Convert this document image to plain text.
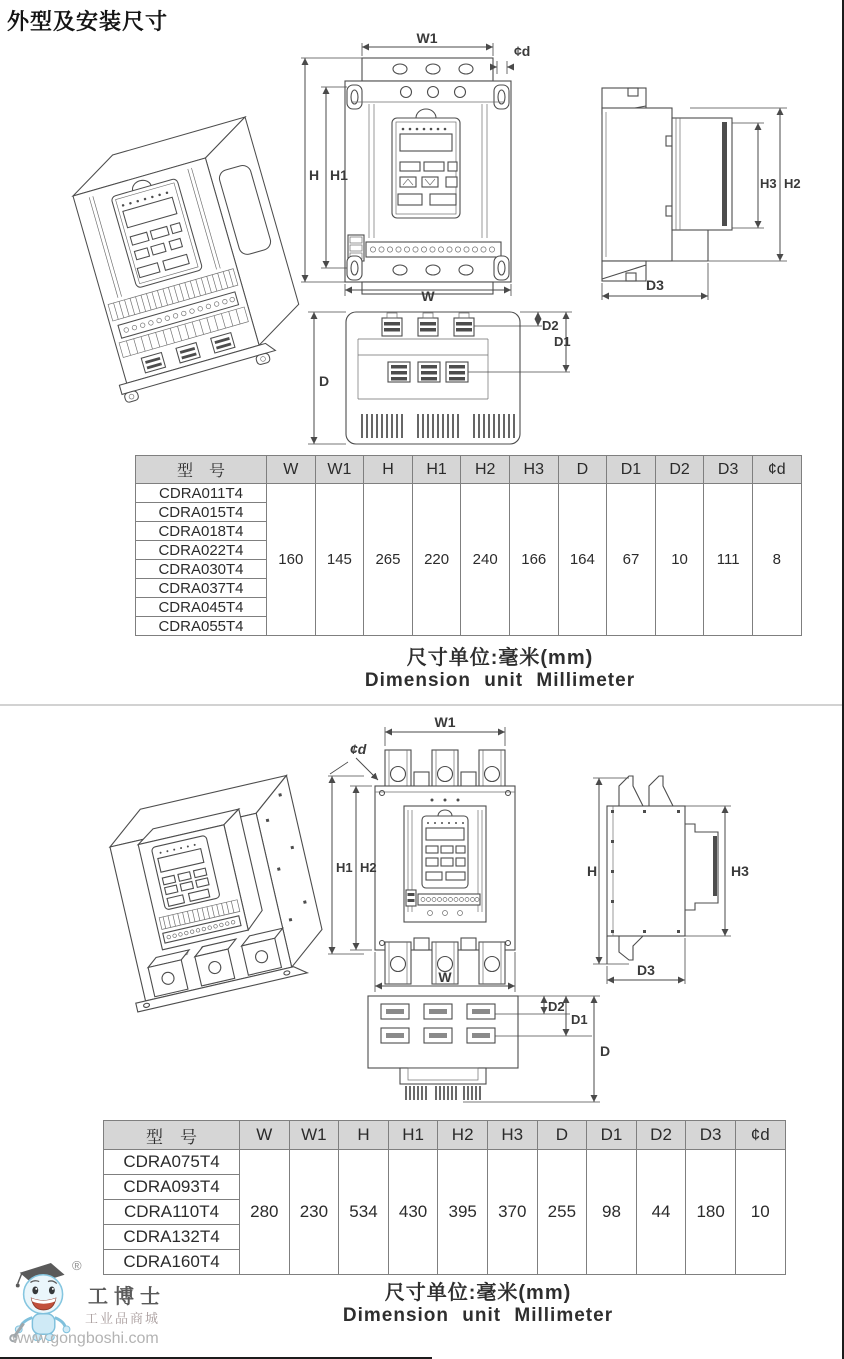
外型及安装尺寸
W1
¢d
H H1
W
H3 H2
D3
D
D2
D1
型　号	W	W1	H	H1	H2	H3	D	D1	D2	D3	¢d
CDRA011T4
CDRA015T4
CDRA018T4
CDRA022T4
CDRA030T4
CDRA037T4
CDRA045T4
CDRA055T4
160	145	265	220	240	166	164	67	10	111	8
尺寸单位:毫米(mm)
Dimension unit Millimeter
W1
¢d
H1 H2
W
H	H3
D3
D2
D1
D
型　号	W	W1	H	H1	H2	H3	D	D1	D2	D3	¢d
CDRA075T4
CDRA093T4
CDRA110T4
CDRA132T4
CDRA160T4
280	230	534	430	395	370	255	98	44	180	10
尺寸单位:毫米(mm)
Dimension unit Millimeter
®
工博士
工业品商城
www.gongboshi.com
